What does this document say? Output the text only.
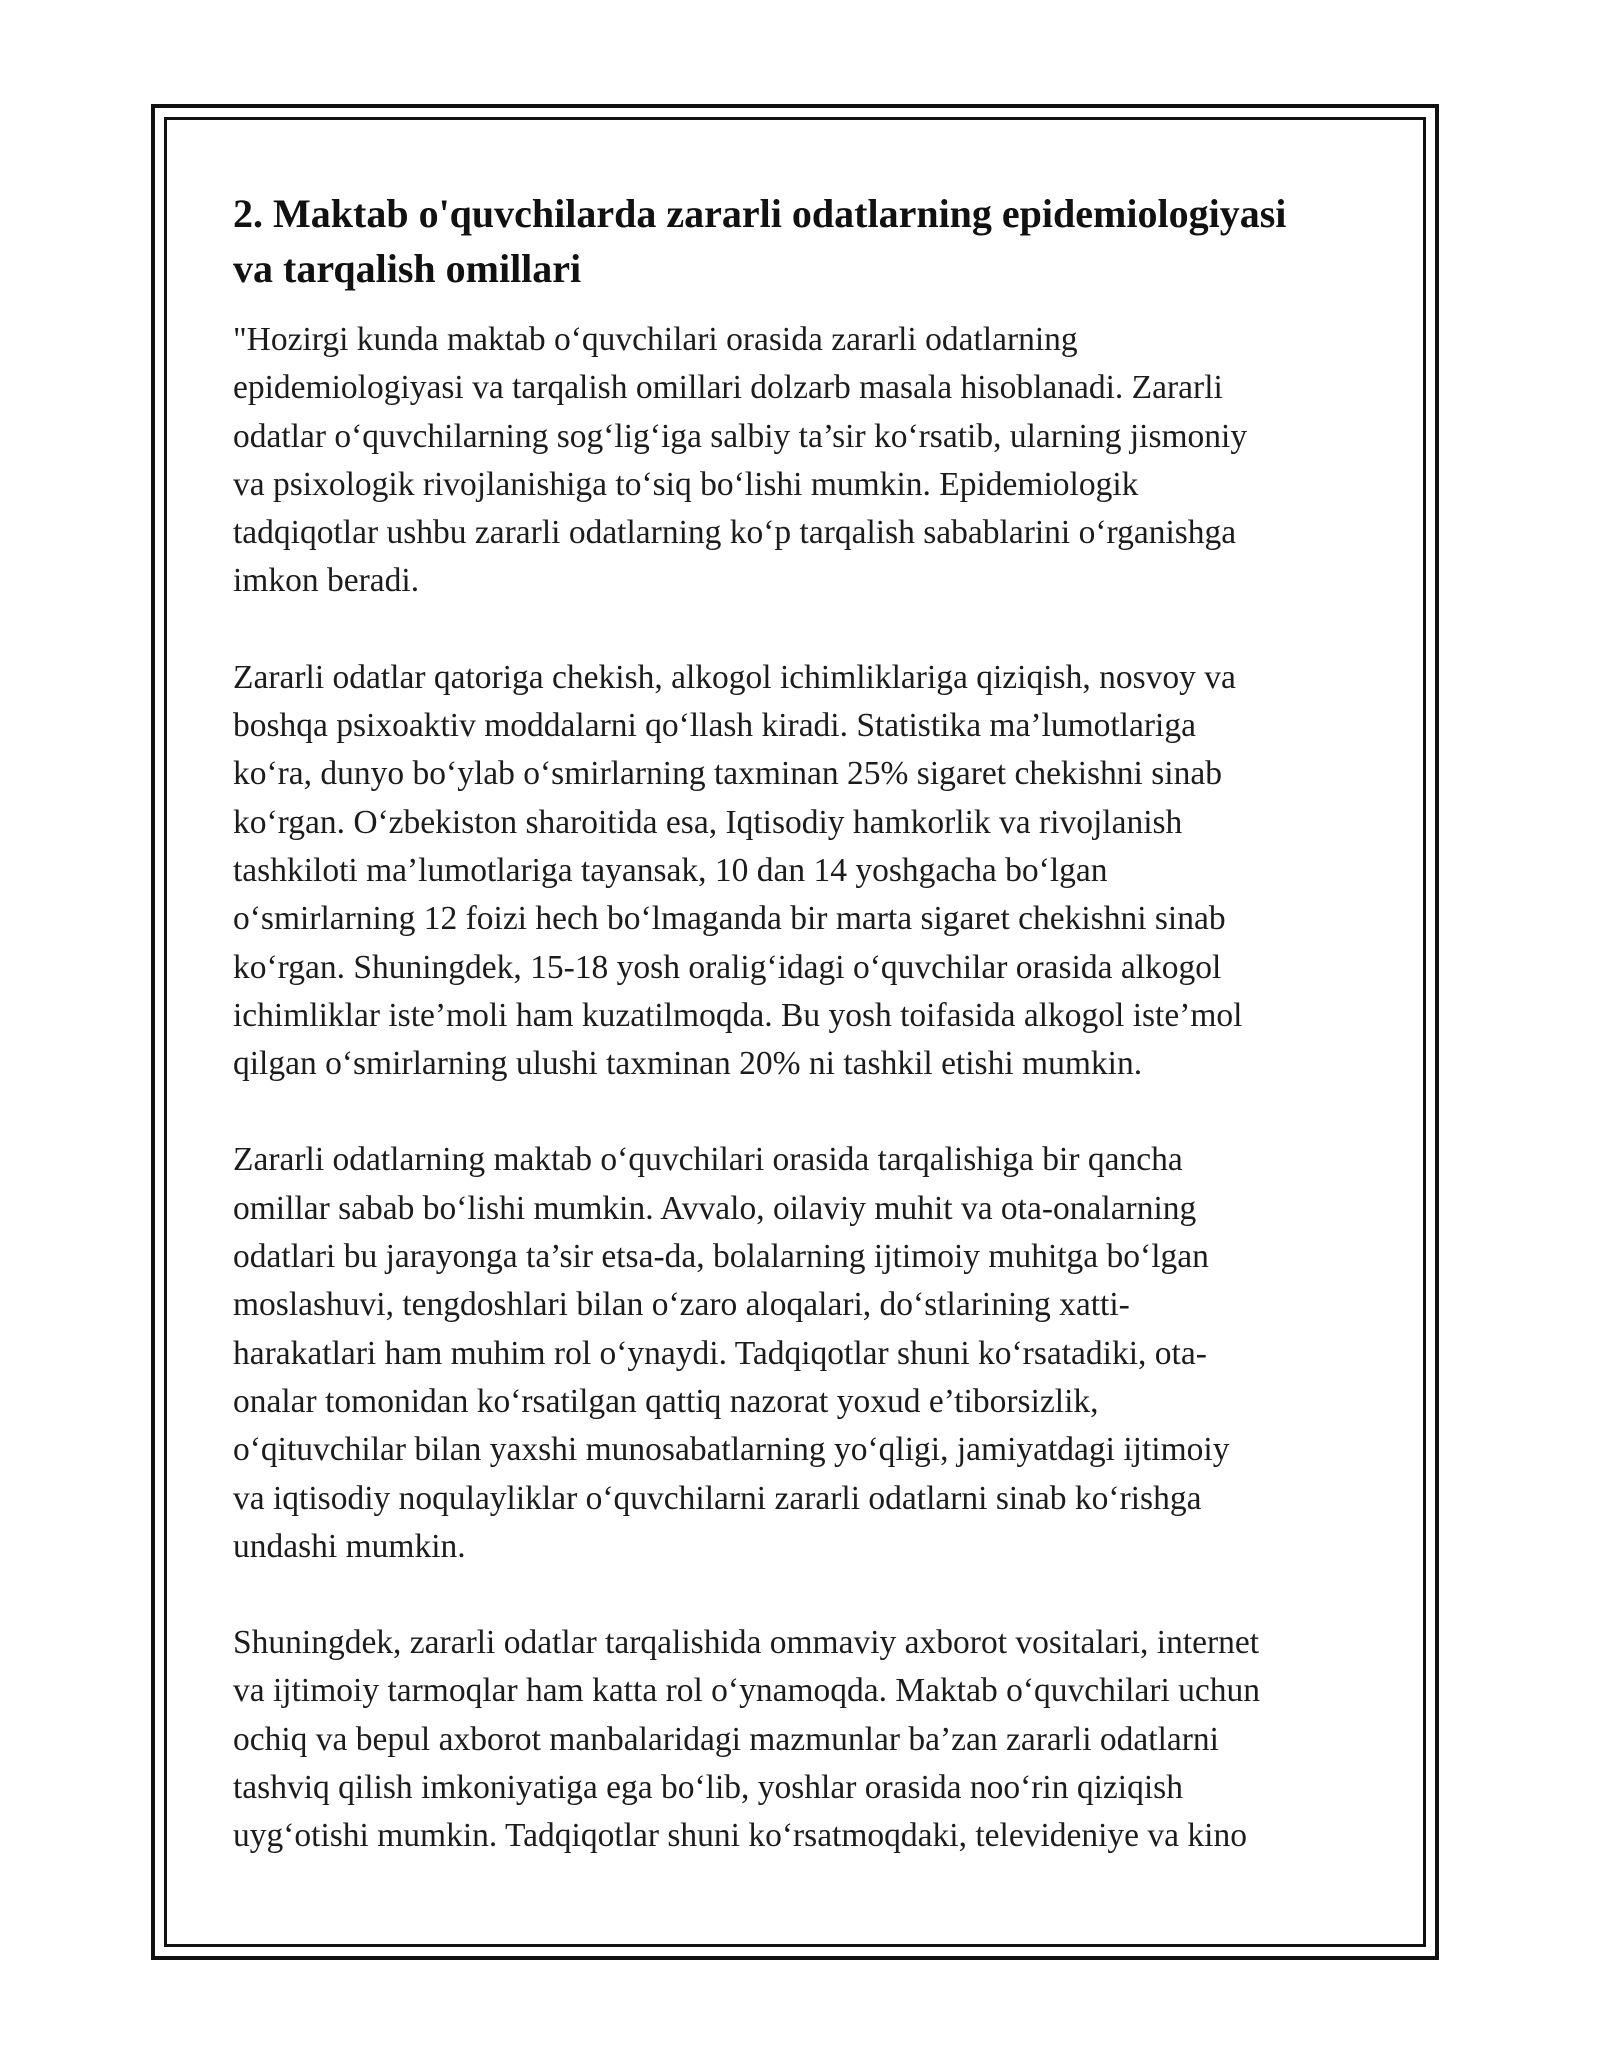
2. Maktab o'quvchilarda zararli odatlarning epidemiologiyasi
va tarqalish omillari

"Hozirgi kunda maktab o‘quvchilari orasida zararli odatlarning
epidemiologiyasi va tarqalish omillari dolzarb masala hisoblanadi. Zararli
odatlar o‘quvchilarning sog‘lig‘iga salbiy ta’sir ko‘rsatib, ularning jismoniy
va psixologik rivojlanishiga to‘siq bo‘lishi mumkin. Epidemiologik
tadqiqotlar ushbu zararli odatlarning ko‘p tarqalish sabablarini o‘rganishga
imkon beradi.

Zararli odatlar qatoriga chekish, alkogol ichimliklariga qiziqish, nosvoy va
boshqa psixoaktiv moddalarni qo‘llash kiradi. Statistika ma’lumotlariga
ko‘ra, dunyo bo‘ylab o‘smirlarning taxminan 25% sigaret chekishni sinab
ko‘rgan. O‘zbekiston sharoitida esa, Iqtisodiy hamkorlik va rivojlanish
tashkiloti ma’lumotlariga tayansak, 10 dan 14 yoshgacha bo‘lgan
o‘smirlarning 12 foizi hech bo‘lmaganda bir marta sigaret chekishni sinab
ko‘rgan. Shuningdek, 15-18 yosh oralig‘idagi o‘quvchilar orasida alkogol
ichimliklar iste’moli ham kuzatilmoqda. Bu yosh toifasida alkogol iste’mol
qilgan o‘smirlarning ulushi taxminan 20% ni tashkil etishi mumkin.

Zararli odatlarning maktab o‘quvchilari orasida tarqalishiga bir qancha
omillar sabab bo‘lishi mumkin. Avvalo, oilaviy muhit va ota-onalarning
odatlari bu jarayonga ta’sir etsa-da, bolalarning ijtimoiy muhitga bo‘lgan
moslashuvi, tengdoshlari bilan o‘zaro aloqalari, do‘stlarining xatti-
harakatlari ham muhim rol o‘ynaydi. Tadqiqotlar shuni ko‘rsatadiki, ota-
onalar tomonidan ko‘rsatilgan qattiq nazorat yoxud e’tiborsizlik,
o‘qituvchilar bilan yaxshi munosabatlarning yo‘qligi, jamiyatdagi ijtimoiy
va iqtisodiy noqulayliklar o‘quvchilarni zararli odatlarni sinab ko‘rishga
undashi mumkin.

Shuningdek, zararli odatlar tarqalishida ommaviy axborot vositalari, internet
va ijtimoiy tarmoqlar ham katta rol o‘ynamoqda. Maktab o‘quvchilari uchun
ochiq va bepul axborot manbalaridagi mazmunlar ba’zan zararli odatlarni
tashviq qilish imkoniyatiga ega bo‘lib, yoshlar orasida noo‘rin qiziqish
uyg‘otishi mumkin. Tadqiqotlar shuni ko‘rsatmoqdaki, televideniye va kino
